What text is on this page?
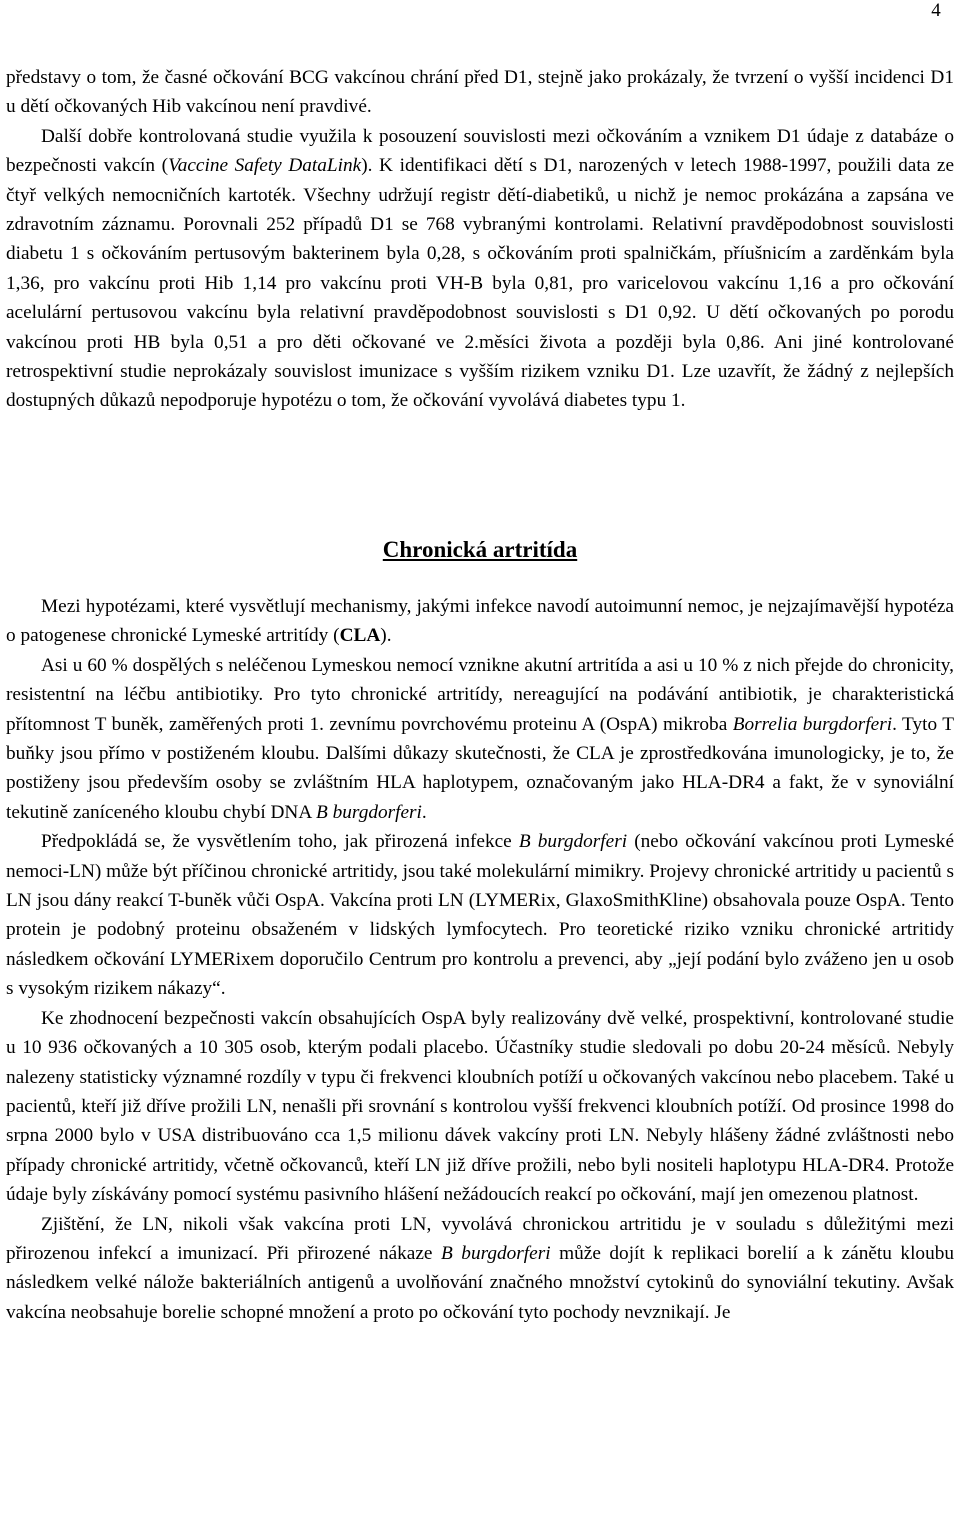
4

představy o tom, že časné očkování BCG vakcínou chrání před D1, stejně jako prokázaly, že tvrzení o vyšší incidenci D1 u dětí očkovaných Hib vakcínou není pravdivé.

Další dobře kontrolovaná studie využila k posouzení souvislosti mezi očkováním a vznikem D1 údaje z databáze o bezpečnosti vakcín (Vaccine Safety DataLink). K identifikaci dětí s D1, narozených v letech 1988-1997, použili data ze čtyř velkých nemocničních kartoték. Všechny udržují registr dětí-diabetiků, u nichž je nemoc prokázána a zapsána ve zdravotním záznamu. Porovnali 252 případů D1 se 768 vybranými kontrolami. Relativní pravděpodobnost souvislosti diabetu 1 s očkováním pertusovým bakterinem byla 0,28, s očkováním proti spalničkám, příušnicím a zarděnkám byla 1,36, pro vakcínu proti Hib 1,14 pro vakcínu proti VH-B byla 0,81, pro varicelovou vakcínu 1,16 a pro očkování acelulární pertusovou vakcínu byla relativní pravděpodobnost souvislosti s D1 0,92. U dětí očkovaných po porodu vakcínou proti HB byla 0,51 a pro děti očkované ve 2.měsíci života a později byla 0,86. Ani jiné kontrolované retrospektivní studie neprokázaly souvislost imunizace s vyšším rizikem vzniku D1. Lze uzavřít, že žádný z nejlepších dostupných důkazů nepodporuje hypotézu o tom, že očkování vyvolává diabetes typu 1.

Chronická artritída

Mezi hypotézami, které vysvětlují mechanismy, jakými infekce navodí autoimunní nemoc, je nejzajímavější hypotéza o patogenese chronické Lymeské artritídy (CLA).

Asi u 60 % dospělých s neléčenou Lymeskou nemocí vznikne akutní artritída a asi u 10 % z nich přejde do chronicity, resistentní na léčbu antibiotiky. Pro tyto chronické artritídy, nereagující na podávání antibiotik, je charakteristická přítomnost T buněk, zaměřených proti 1. zevnímu povrchovému proteinu A (OspA) mikroba Borrelia burgdorferi. Tyto T buňky jsou přímo v postiženém kloubu. Dalšími důkazy skutečnosti, že CLA je zprostředkována imunologicky, je to, že postiženy jsou především osoby se zvláštním HLA haplotypem, označovaným jako HLA-DR4 a fakt, že v synoviální tekutině zaníceného kloubu chybí DNA B burgdorferi.

Předpokládá se, že vysvětlením toho, jak přirozená infekce B burgdorferi (nebo očkování vakcínou proti Lymeské nemoci-LN) může být příčinou chronické artritidy, jsou také molekulární mimikry. Projevy chronické artritidy u pacientů s LN jsou dány reakcí T-buněk vůči OspA. Vakcína proti LN (LYMERix, GlaxoSmithKline) obsahovala pouze OspA. Tento protein je podobný proteinu obsaženém v lidských lymfocytech. Pro teoretické riziko vzniku chronické artritidy následkem očkování LYMERixem doporučilo Centrum pro kontrolu a prevenci, aby „její podání bylo zváženo jen u osob s vysokým rizikem nákazy“.

Ke zhodnocení bezpečnosti vakcín obsahujících OspA byly realizovány dvě velké, prospektivní, kontrolované studie u 10 936 očkovaných a 10 305 osob, kterým podali placebo. Účastníky studie sledovali po dobu 20-24 měsíců. Nebyly nalezeny statisticky významné rozdíly v typu či frekvenci kloubních potíží u očkovaných vakcínou nebo placebem. Také u pacientů, kteří již dříve prožili LN, nenašli při srovnání s kontrolou vyšší frekvenci kloubních potíží. Od prosince 1998 do srpna 2000 bylo v USA distribuováno cca 1,5 milionu dávek vakcíny proti LN. Nebyly hlášeny žádné zvláštnosti nebo případy chronické artritidy, včetně očkovanců, kteří LN již dříve prožili, nebo byli nositeli haplotypu HLA-DR4. Protože údaje byly získávány pomocí systému pasivního hlášení nežádoucích reakcí po očkování, mají jen omezenou platnost.

Zjištění, že LN, nikoli však vakcína proti LN, vyvolává chronickou artritidu je v souladu s důležitými mezi přirozenou infekcí a imunizací. Při přirozené nákaze B burgdorferi může dojít k replikaci borelií a k zánětu kloubu následkem velké nálože bakteriálních antigenů a uvolňování značného množství cytokinů do synoviální tekutiny. Avšak vakcína neobsahuje borelie schopné množení a proto po očkování tyto pochody nevznikají. Je
